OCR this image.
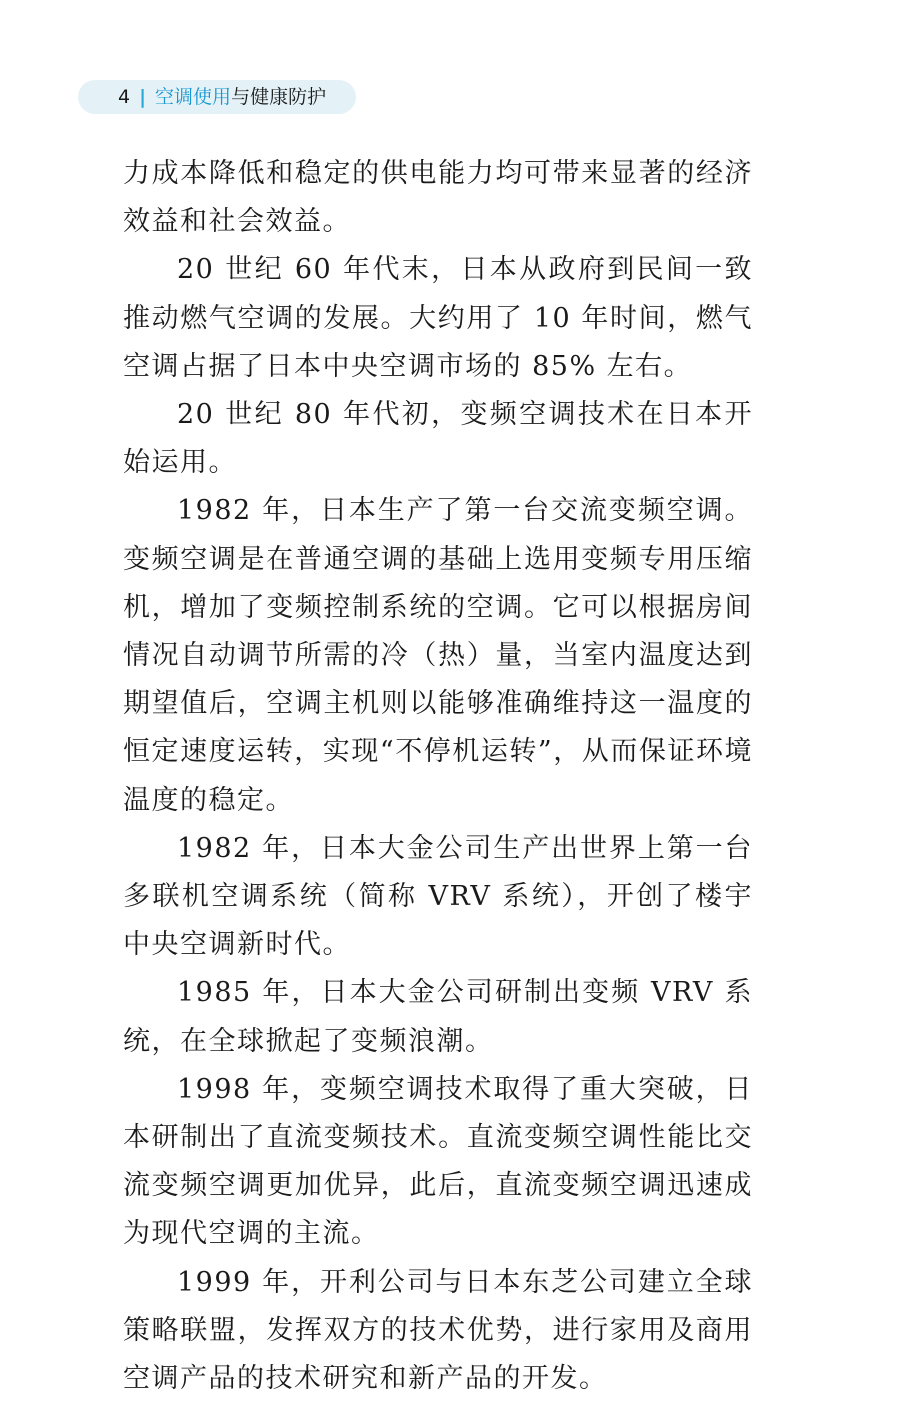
4 | 空调使用 与健康防护

力成本降低和稳定的供电能力均可带来显著的经济效益和社会效益。

20 世纪 60 年代末，日本从政府到民间一致推动燃气空调的发展。大约用了 10 年时间，燃气空调占据了日本中央空调市场的 85% 左右。

20 世纪 80 年代初，变频空调技术在日本开始运用。

1982 年，日本生产了第一台交流变频空调。变频空调是在普通空调的基础上选用变频专用压缩机，增加了变频控制系统的空调。它可以根据房间情况自动调节所需的冷（热）量，当室内温度达到期望值后，空调主机则以能够准确维持这一温度的恒定速度运转，实现“不停机运转”，从而保证环境温度的稳定。

1982 年，日本大金公司生产出世界上第一台多联机空调系统（简称 VRV 系统），开创了楼宇中央空调新时代。

1985 年，日本大金公司研制出变频 VRV 系统，在全球掀起了变频浪潮。

1998 年，变频空调技术取得了重大突破，日本研制出了直流变频技术。直流变频空调性能比交流变频空调更加优异，此后，直流变频空调迅速成为现代空调的主流。

1999 年，开利公司与日本东芝公司建立全球策略联盟，发挥双方的技术优势，进行家用及商用空调产品的技术研究和新产品的开发。
